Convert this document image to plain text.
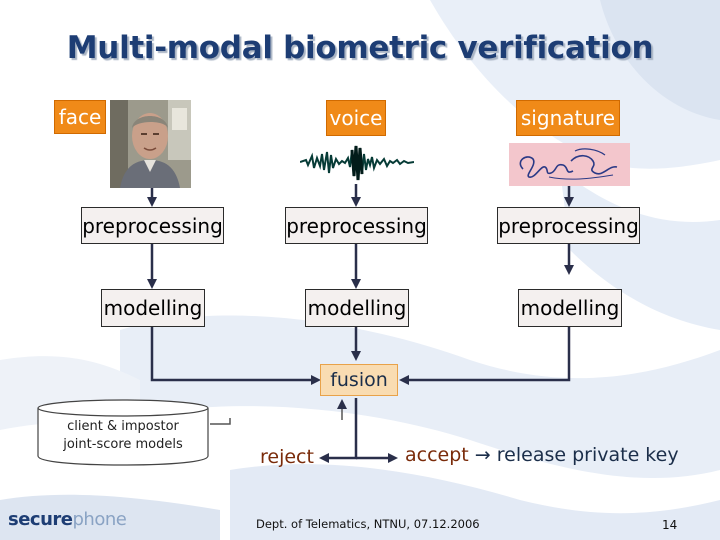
Multi-modal biometric verification
face	voice	signature
preprocessing	preprocessing	preprocessing
modelling	modelling	modelling
fusion
client & impostor
joint-score models
reject	accept → release private key
securephone	Dept. of Telematics, NTNU, 07.12.2006	14
